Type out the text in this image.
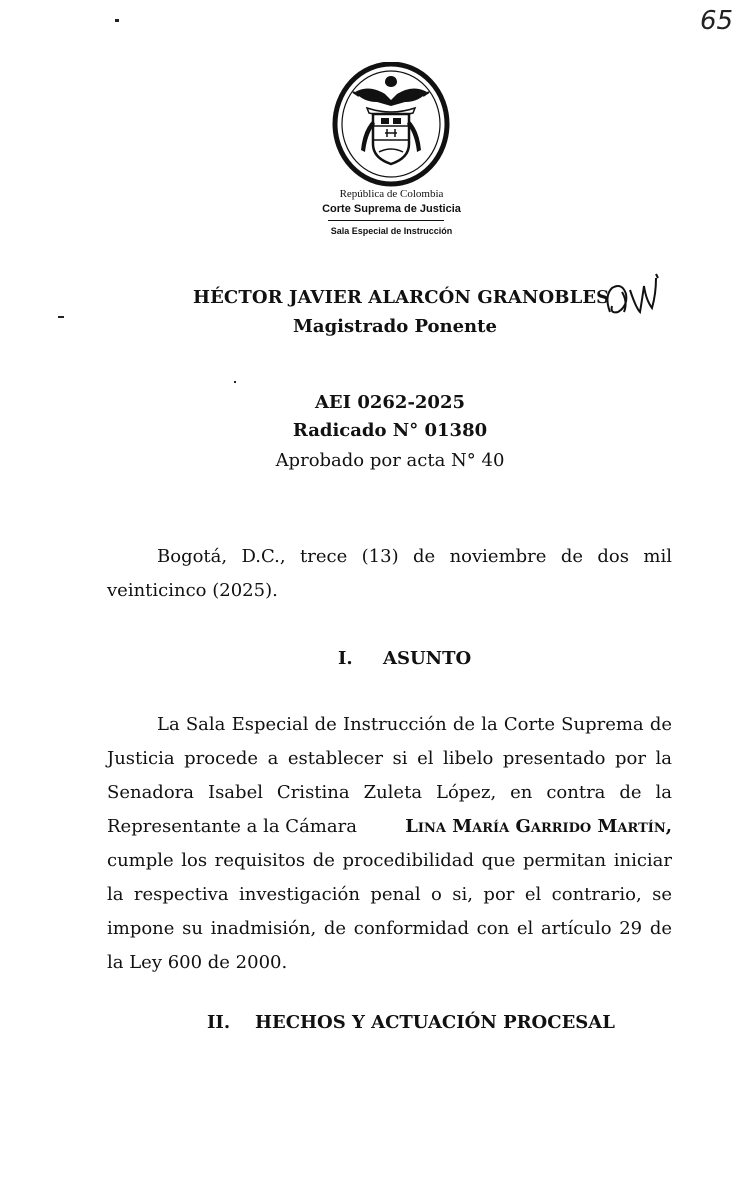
65
República de Colombia
Corte Suprema de Justicia
Sala Especial de Instrucción
HÉCTOR JAVIER ALARCÓN GRANOBLES
Magistrado Ponente
AEI 0262-2025
Radicado N° 01380
Aprobado por acta N° 40
Bogotá, D.C., trece (13) de noviembre de dos mil
veinticinco (2025).
I. ASUNTO
La Sala Especial de Instrucción de la Corte Suprema de
Justicia procede a establecer si el libelo presentado por la
Senadora Isabel Cristina Zuleta López, en contra de la
Representante a la Cámara	Lina María Garrido Martín,
cumple los requisitos de procedibilidad que permitan iniciar
la respectiva investigación penal o si, por el contrario, se
impone su inadmisión, de conformidad con el artículo 29 de
la Ley 600 de 2000.
II. HECHOS Y ACTUACIÓN PROCESAL
